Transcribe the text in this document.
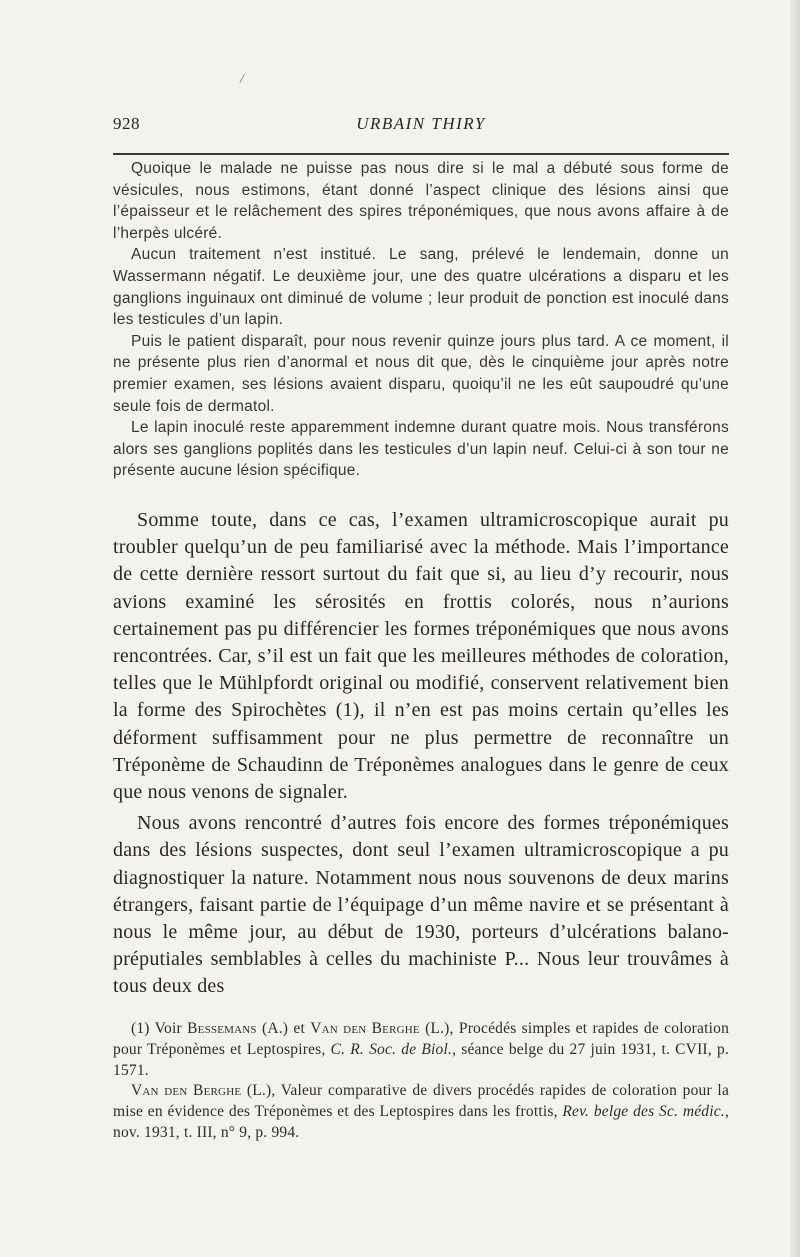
/
928	URBAIN THIRY

Quoique le malade ne puisse pas nous dire si le mal a débuté sous forme de vésicules, nous estimons, étant donné l’aspect clinique des lésions ainsi que l’épaisseur et le relâchement des spires tréponémiques, que nous avons affaire à de l’herpès ulcéré.

Aucun traitement n’est institué. Le sang, prélevé le lendemain, donne un Wassermann négatif. Le deuxième jour, une des quatre ulcérations a disparu et les ganglions inguinaux ont diminué de volume ; leur produit de ponction est inoculé dans les testicules d’un lapin.

Puis le patient disparaît, pour nous revenir quinze jours plus tard. A ce moment, il ne présente plus rien d’anormal et nous dit que, dès le cinquième jour après notre premier examen, ses lésions avaient disparu, quoiqu’il ne les eût saupoudré qu’une seule fois de dermatol.

Le lapin inoculé reste apparemment indemne durant quatre mois. Nous transférons alors ses ganglions poplités dans les testicules d’un lapin neuf. Celui-ci à son tour ne présente aucune lésion spécifique.

Somme toute, dans ce cas, l’examen ultramicroscopique aurait pu troubler quelqu’un de peu familiarisé avec la méthode. Mais l’importance de cette dernière ressort surtout du fait que si, au lieu d’y recourir, nous avions examiné les sérosités en frottis colorés, nous n’aurions certainement pas pu différencier les formes tréponémiques que nous avons rencontrées. Car, s’il est un fait que les meilleures méthodes de coloration, telles que le Mühlpfordt original ou modifié, conservent relativement bien la forme des Spirochètes (1), il n’en est pas moins certain qu’elles les déforment suffisamment pour ne plus permettre de reconnaître un Tréponème de Schaudinn de Tréponèmes analogues dans le genre de ceux que nous venons de signaler.

Nous avons rencontré d’autres fois encore des formes tréponémiques dans des lésions suspectes, dont seul l’examen ultramicroscopique a pu diagnostiquer la nature. Notamment nous nous souvenons de deux marins étrangers, faisant partie de l’équipage d’un même navire et se présentant à nous le même jour, au début de 1930, porteurs d’ulcérations balano-préputiales semblables à celles du machiniste P... Nous leur trouvâmes à tous deux des

(1) Voir Bessemans (A.) et Van den Berghe (L.), Procédés simples et rapides de coloration pour Tréponèmes et Leptospires, C. R. Soc. de Biol., séance belge du 27 juin 1931, t. CVII, p. 1571.

Van den Berghe (L.), Valeur comparative de divers procédés rapides de coloration pour la mise en évidence des Tréponèmes et des Leptospires dans les frottis, Rev. belge des Sc. médic., nov. 1931, t. III, n° 9, p. 994.
